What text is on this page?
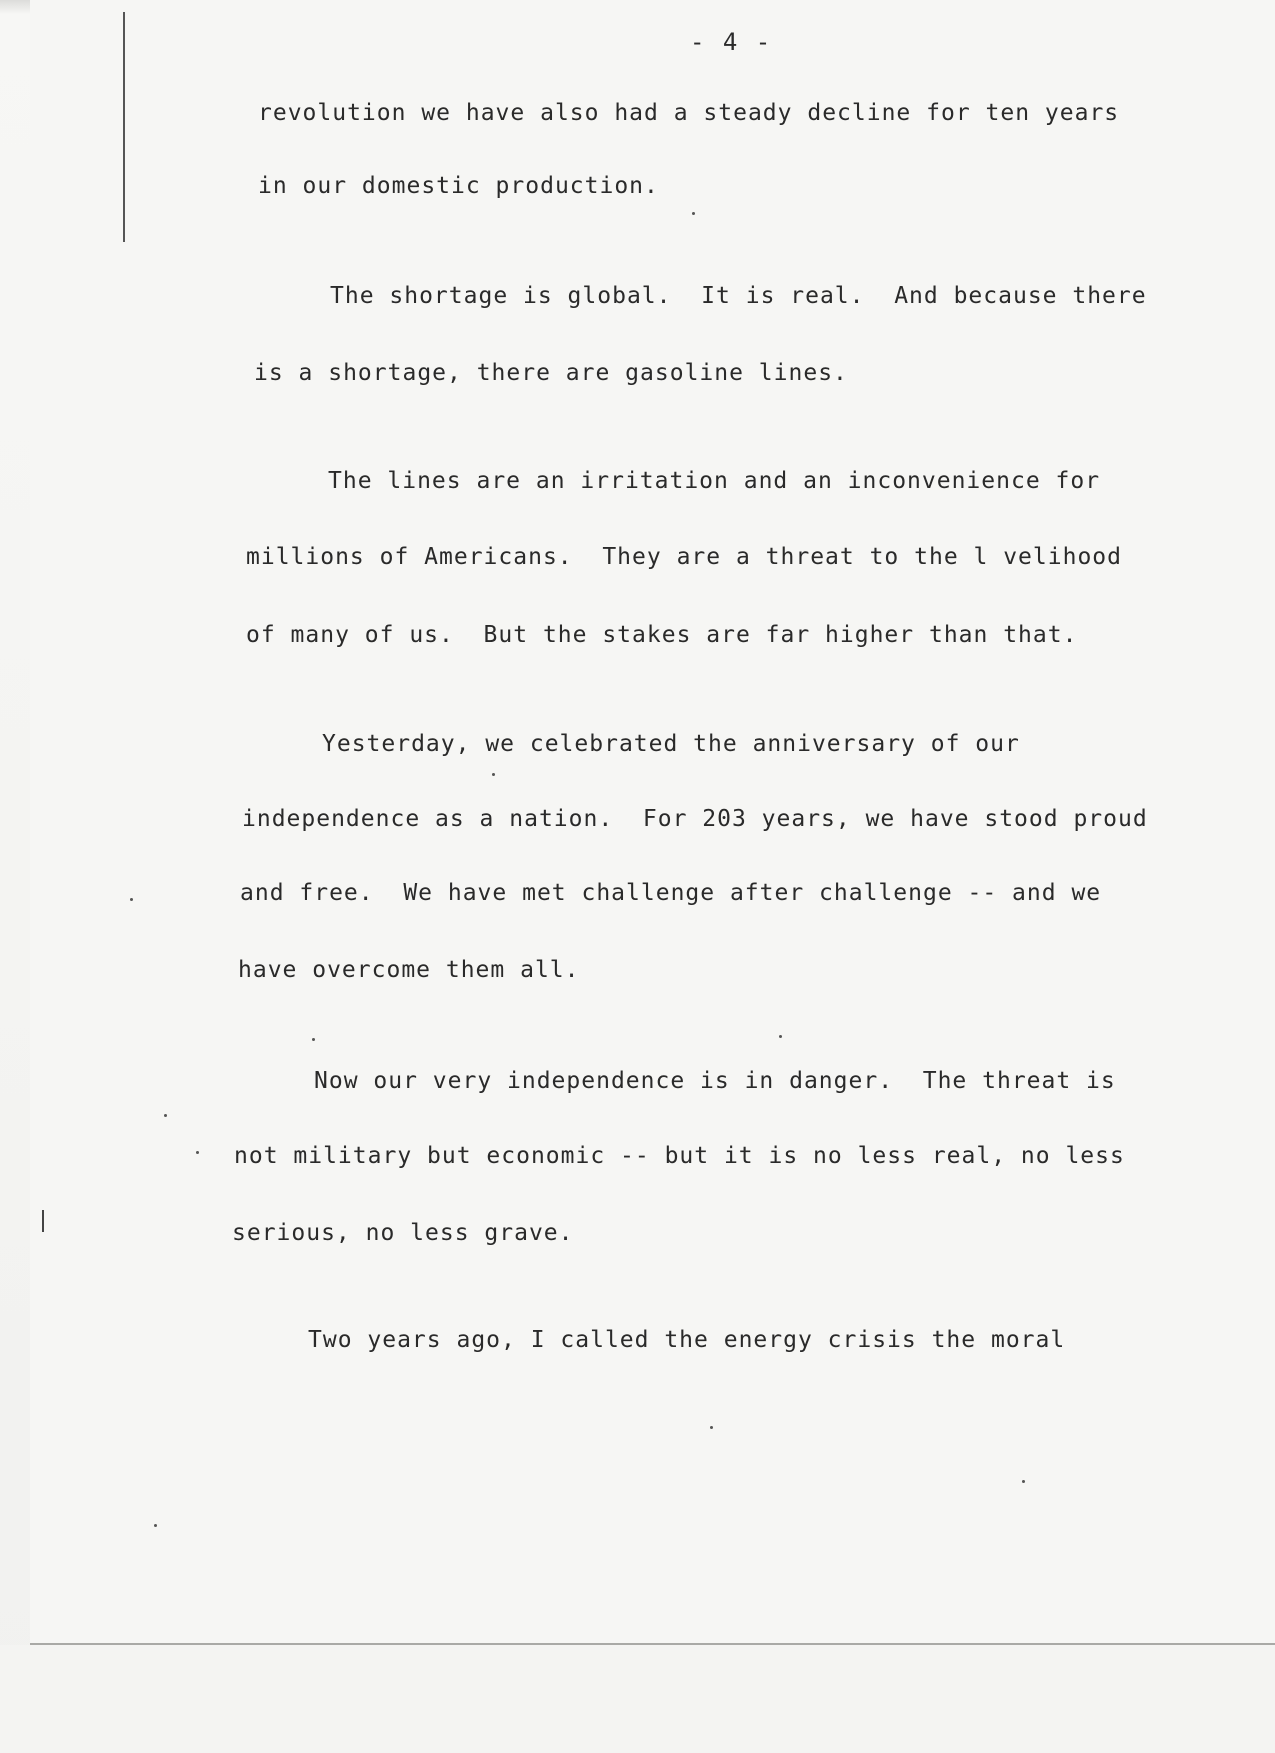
- 4 -
revolution we have also had a steady decline for ten years
in our domestic production.
The shortage is global.  It is real.  And because there
is a shortage, there are gasoline lines.
The lines are an irritation and an inconvenience for
millions of Americans.  They are a threat to the l velihood
of many of us.  But the stakes are far higher than that.
Yesterday, we celebrated the anniversary of our
independence as a nation.  For 203 years, we have stood proud
and free.  We have met challenge after challenge -- and we
have overcome them all.
Now our very independence is in danger.  The threat is
not military but economic -- but it is no less real, no less
serious, no less grave.
Two years ago, I called the energy crisis the moral
